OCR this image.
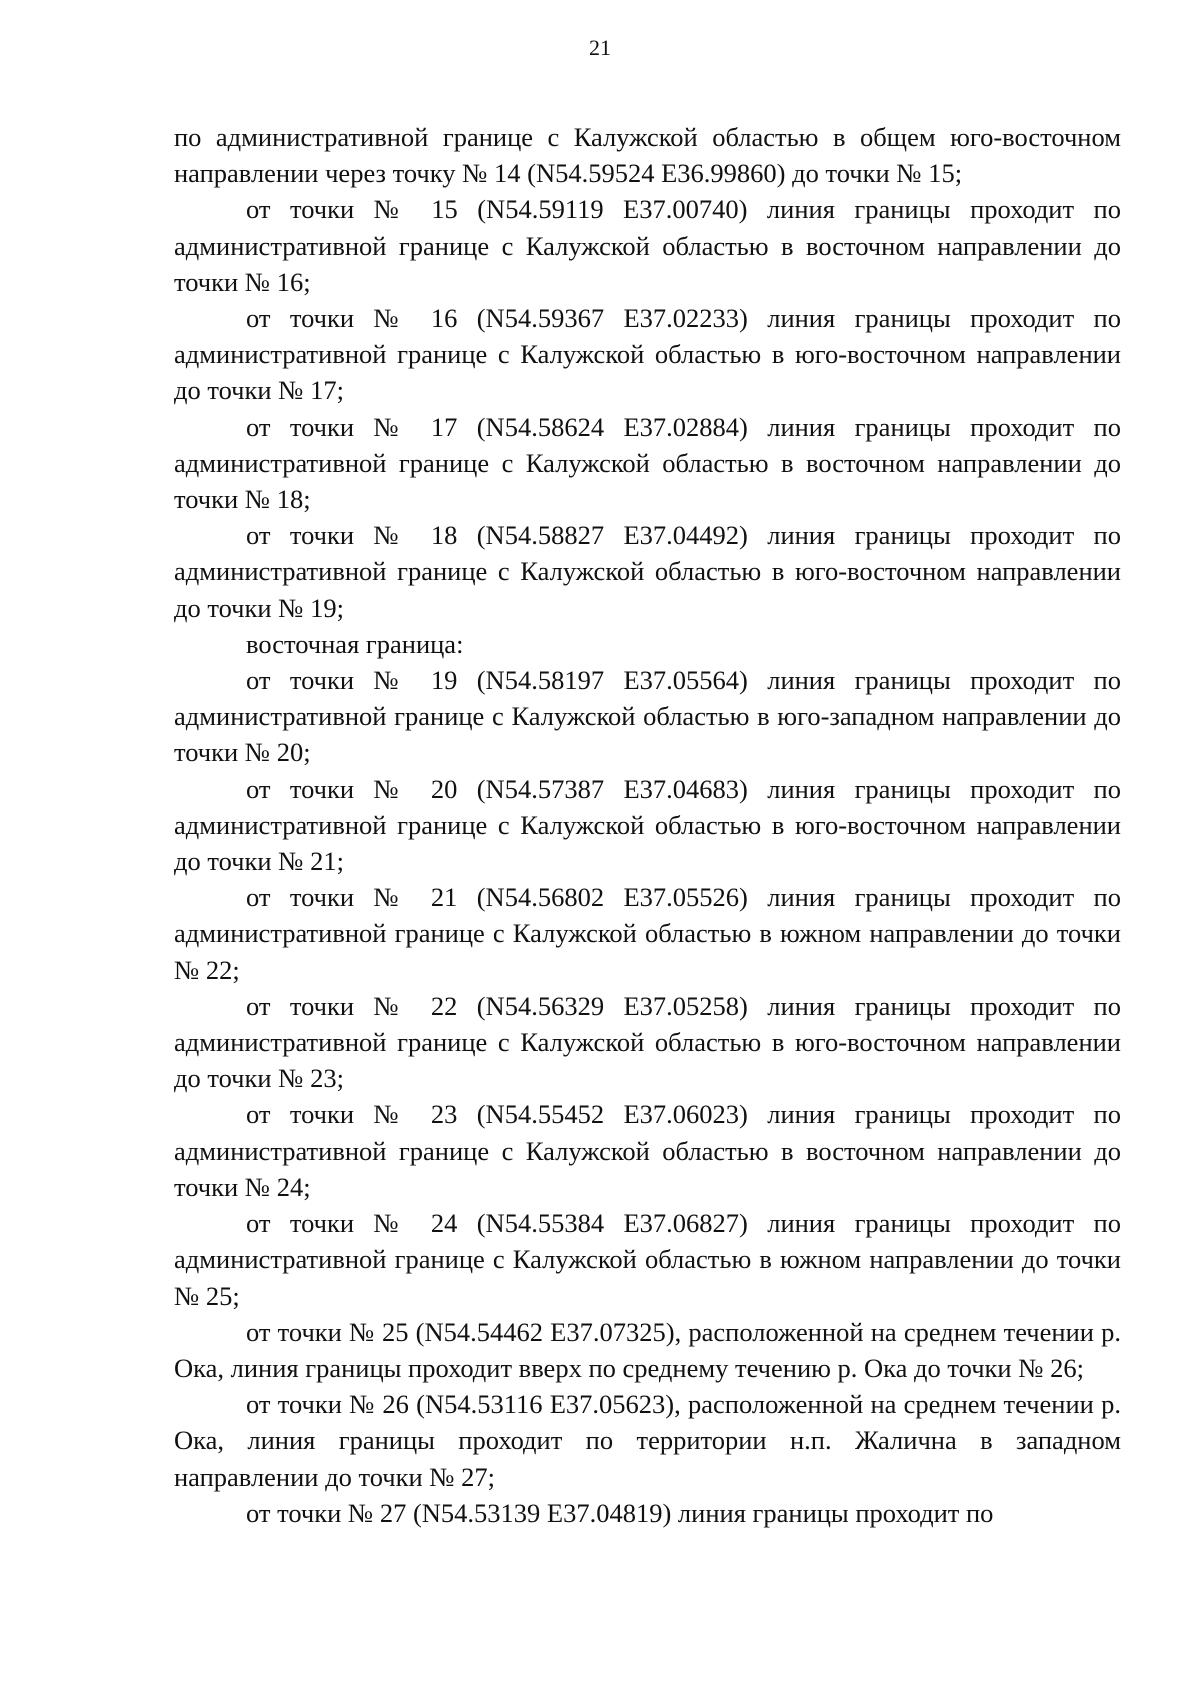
21

по административной границе с Калужской областью в общем юго-восточном направлении через точку № 14 (N54.59524 E36.99860) до точки № 15;

от точки № 15 (N54.59119 E37.00740) линия границы проходит по административной границе с Калужской областью в восточном направлении до точки № 16;

от точки № 16 (N54.59367 E37.02233) линия границы проходит по административной границе с Калужской областью в юго-восточном направлении до точки № 17;

от точки № 17 (N54.58624 E37.02884) линия границы проходит по административной границе с Калужской областью в восточном направлении до точки № 18;

от точки № 18 (N54.58827 E37.04492) линия границы проходит по административной границе с Калужской областью в юго-восточном направлении до точки № 19;

восточная граница:

от точки № 19 (N54.58197 E37.05564) линия границы проходит по административной границе с Калужской областью в юго-западном направлении до точки № 20;

от точки № 20 (N54.57387 E37.04683) линия границы проходит по административной границе с Калужской областью в юго-восточном направлении до точки № 21;

от точки № 21 (N54.56802 E37.05526) линия границы проходит по административной границе с Калужской областью в южном направлении до точки № 22;

от точки № 22 (N54.56329 E37.05258) линия границы проходит по административной границе с Калужской областью в юго-восточном направлении до точки № 23;

от точки № 23 (N54.55452 E37.06023) линия границы проходит по административной границе с Калужской областью в восточном направлении до точки № 24;

от точки № 24 (N54.55384 E37.06827) линия границы проходит по административной границе с Калужской областью в южном направлении до точки № 25;

от точки № 25 (N54.54462 E37.07325), расположенной на среднем течении р. Ока, линия границы проходит вверх по среднему течению р. Ока до точки № 26;

от точки № 26 (N54.53116 E37.05623), расположенной на среднем течении р. Ока, линия границы проходит по территории н.п. Жалична в западном направлении до точки № 27;

от точки № 27 (N54.53139 E37.04819) линия границы проходит по
